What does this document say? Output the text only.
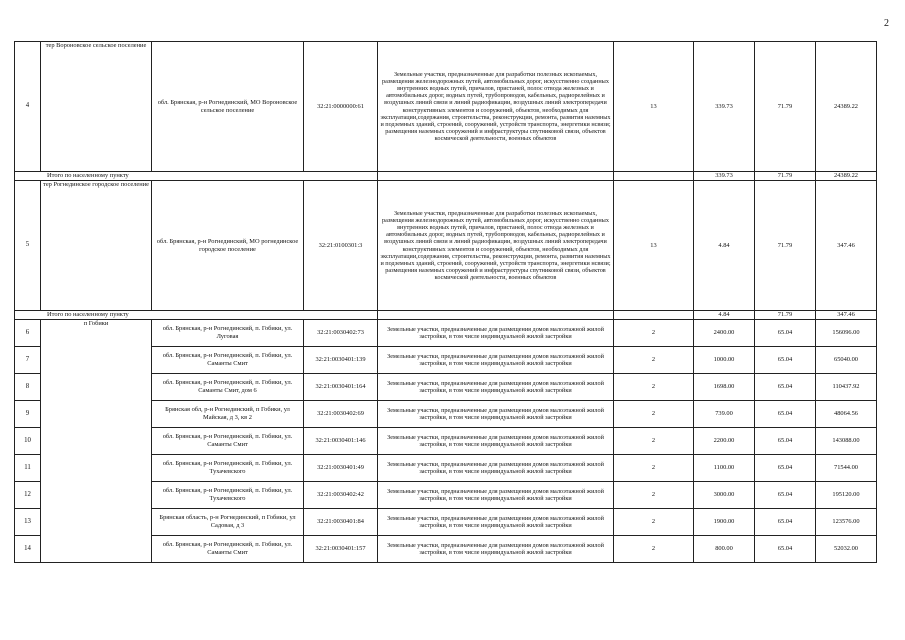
2
4	тер Вороновское сельское поселение	обл. Брянская, р-н Рогнединский, МО Вороновское сельское поселение	32:21:0000000:61	Земельные участки, предназначенные для разработки полезных ископаемых, размещения железнодорожных путей, автомобильных дорог, искусственно созданных внутренних водных путей, причалов, пристаней, полос отвода железных и автомобильных дорог, водных путей, трубопроводов, кабельных, радиорелейных и воздушных линий связи и линий радиофикации, воздушных линий электропередачи конструктивных элементов и сооружений, объектов, необходимых для эксплуатации,содержания, строительства, реконструкции, ремонта, развития наземных и подземных зданий, строений, сооружений, устройств транспорта, энергетики нсвязи; размещения наземных сооружений и инфраструктуры спутниковой связи, объектов космической деятельности, военных объектов	13	339.73	71.79	24389.22
Итого по населенному пункту						339.73	71.79	24389.22
5	тер Рогнединское городское поселение	обл. Брянская, р-н Рогнединский, МО рогнединское городское поселение	32:21:0100301:3	Земельные участки, предназначенные для разработки полезных ископаемых, размещения железнодорожных путей, автомобильных дорог, искусственно созданных внутренних водных путей, причалов, пристаней, полос отвода железных и автомобильных дорог, водных путей, трубопроводов, кабельных, радиорелейных и воздушных линий связи и линий радиофикации, воздушных линий электропередачи конструктивных элементов и сооружений, объектов, необходимых для эксплуатации,содержания, строительства, реконструкции, ремонта, развития наземных и подземных зданий, строений, сооружений, устройств транспорта, энергетики нсвязи; размещения наземных сооружений и инфраструктуры спутниковой связи, объектов космической деятельности, военных объектов	13	4.84	71.79	347.46
Итого по населенному пункту						4.84	71.79	347.46
6	п Гобики	обл. Брянская, р-н Рогнединский, п. Гобики, ул. Луговая	32:21:0030402:73	Земельные участки, предназначенные для размещения домов малоэтажной жилой застройки, в том числе индивидуальной жилой застройки	2	2400.00	65.04	156096.00
7		обл. Брянская, р-н Рогнединский, п. Гобики, ул. Саманты Смит	32:21:0030401:139	Земельные участки, предназначенные для размещения домов малоэтажной жилой застройки, в том числе индивидуальной жилой застройки	2	1000.00	65.04	65040.00
8		обл. Брянская, р-н Рогнединский, п. Гобики, ул. Саманты Смит, дом 6	32:21:0030401:164	Земельные участки, предназначенные для размещения домов малоэтажной жилой застройки, в том числе индивидуальной жилой застройки	2	1698.00	65.04	110437.92
9		Брянская обл, р-н Рогнединский, п Гобики, ул Майская, д 3, кв 2	32:21:0030402:69	Земельные участки, предназначенные для размещения домов малоэтажной жилой застройки, в том числе индивидуальной жилой застройки	2	739.00	65.04	48064.56
10		обл. Брянская, р-н Рогнединский, п. Гобики, ул. Саманты Смит	32:21:0030401:146	Земельные участки, предназначенные для размещения домов малоэтажной жилой застройки, в том числе индивидуальной жилой застройки	2	2200.00	65.04	143088.00
11		обл. Брянская, р-н Рогнединский, п. Гобики, ул. Тухачевского	32:21:0030401:49	Земельные участки, предназначенные для размещения домов малоэтажной жилой застройки, в том числе индивидуальной жилой застройки	2	1100.00	65.04	71544.00
12		обл. Брянская, р-н Рогнединский, п. Гобики, ул. Тухачевского	32:21:0030402:42	Земельные участки, предназначенные для размещения домов малоэтажной жилой застройки, в том числе индивидуальной жилой застройки	2	3000.00	65.04	195120.00
13		Брянская область, р-н Рогнединский, п Гобики, ул Садовая, д 3	32:21:0030401:84	Земельные участки, предназначенные для размещения домов малоэтажной жилой застройки, в том числе индивидуальной жилой застройки	2	1900.00	65.04	123576.00
14		обл. Брянская, р-н Рогнединский, п. Гобики, ул. Саманты Смит	32:21:0030401:157	Земельные участки, предназначенные для размещения домов малоэтажной жилой застройки, в том числе индивидуальной жилой застройки	2	800.00	65.04	52032.00
